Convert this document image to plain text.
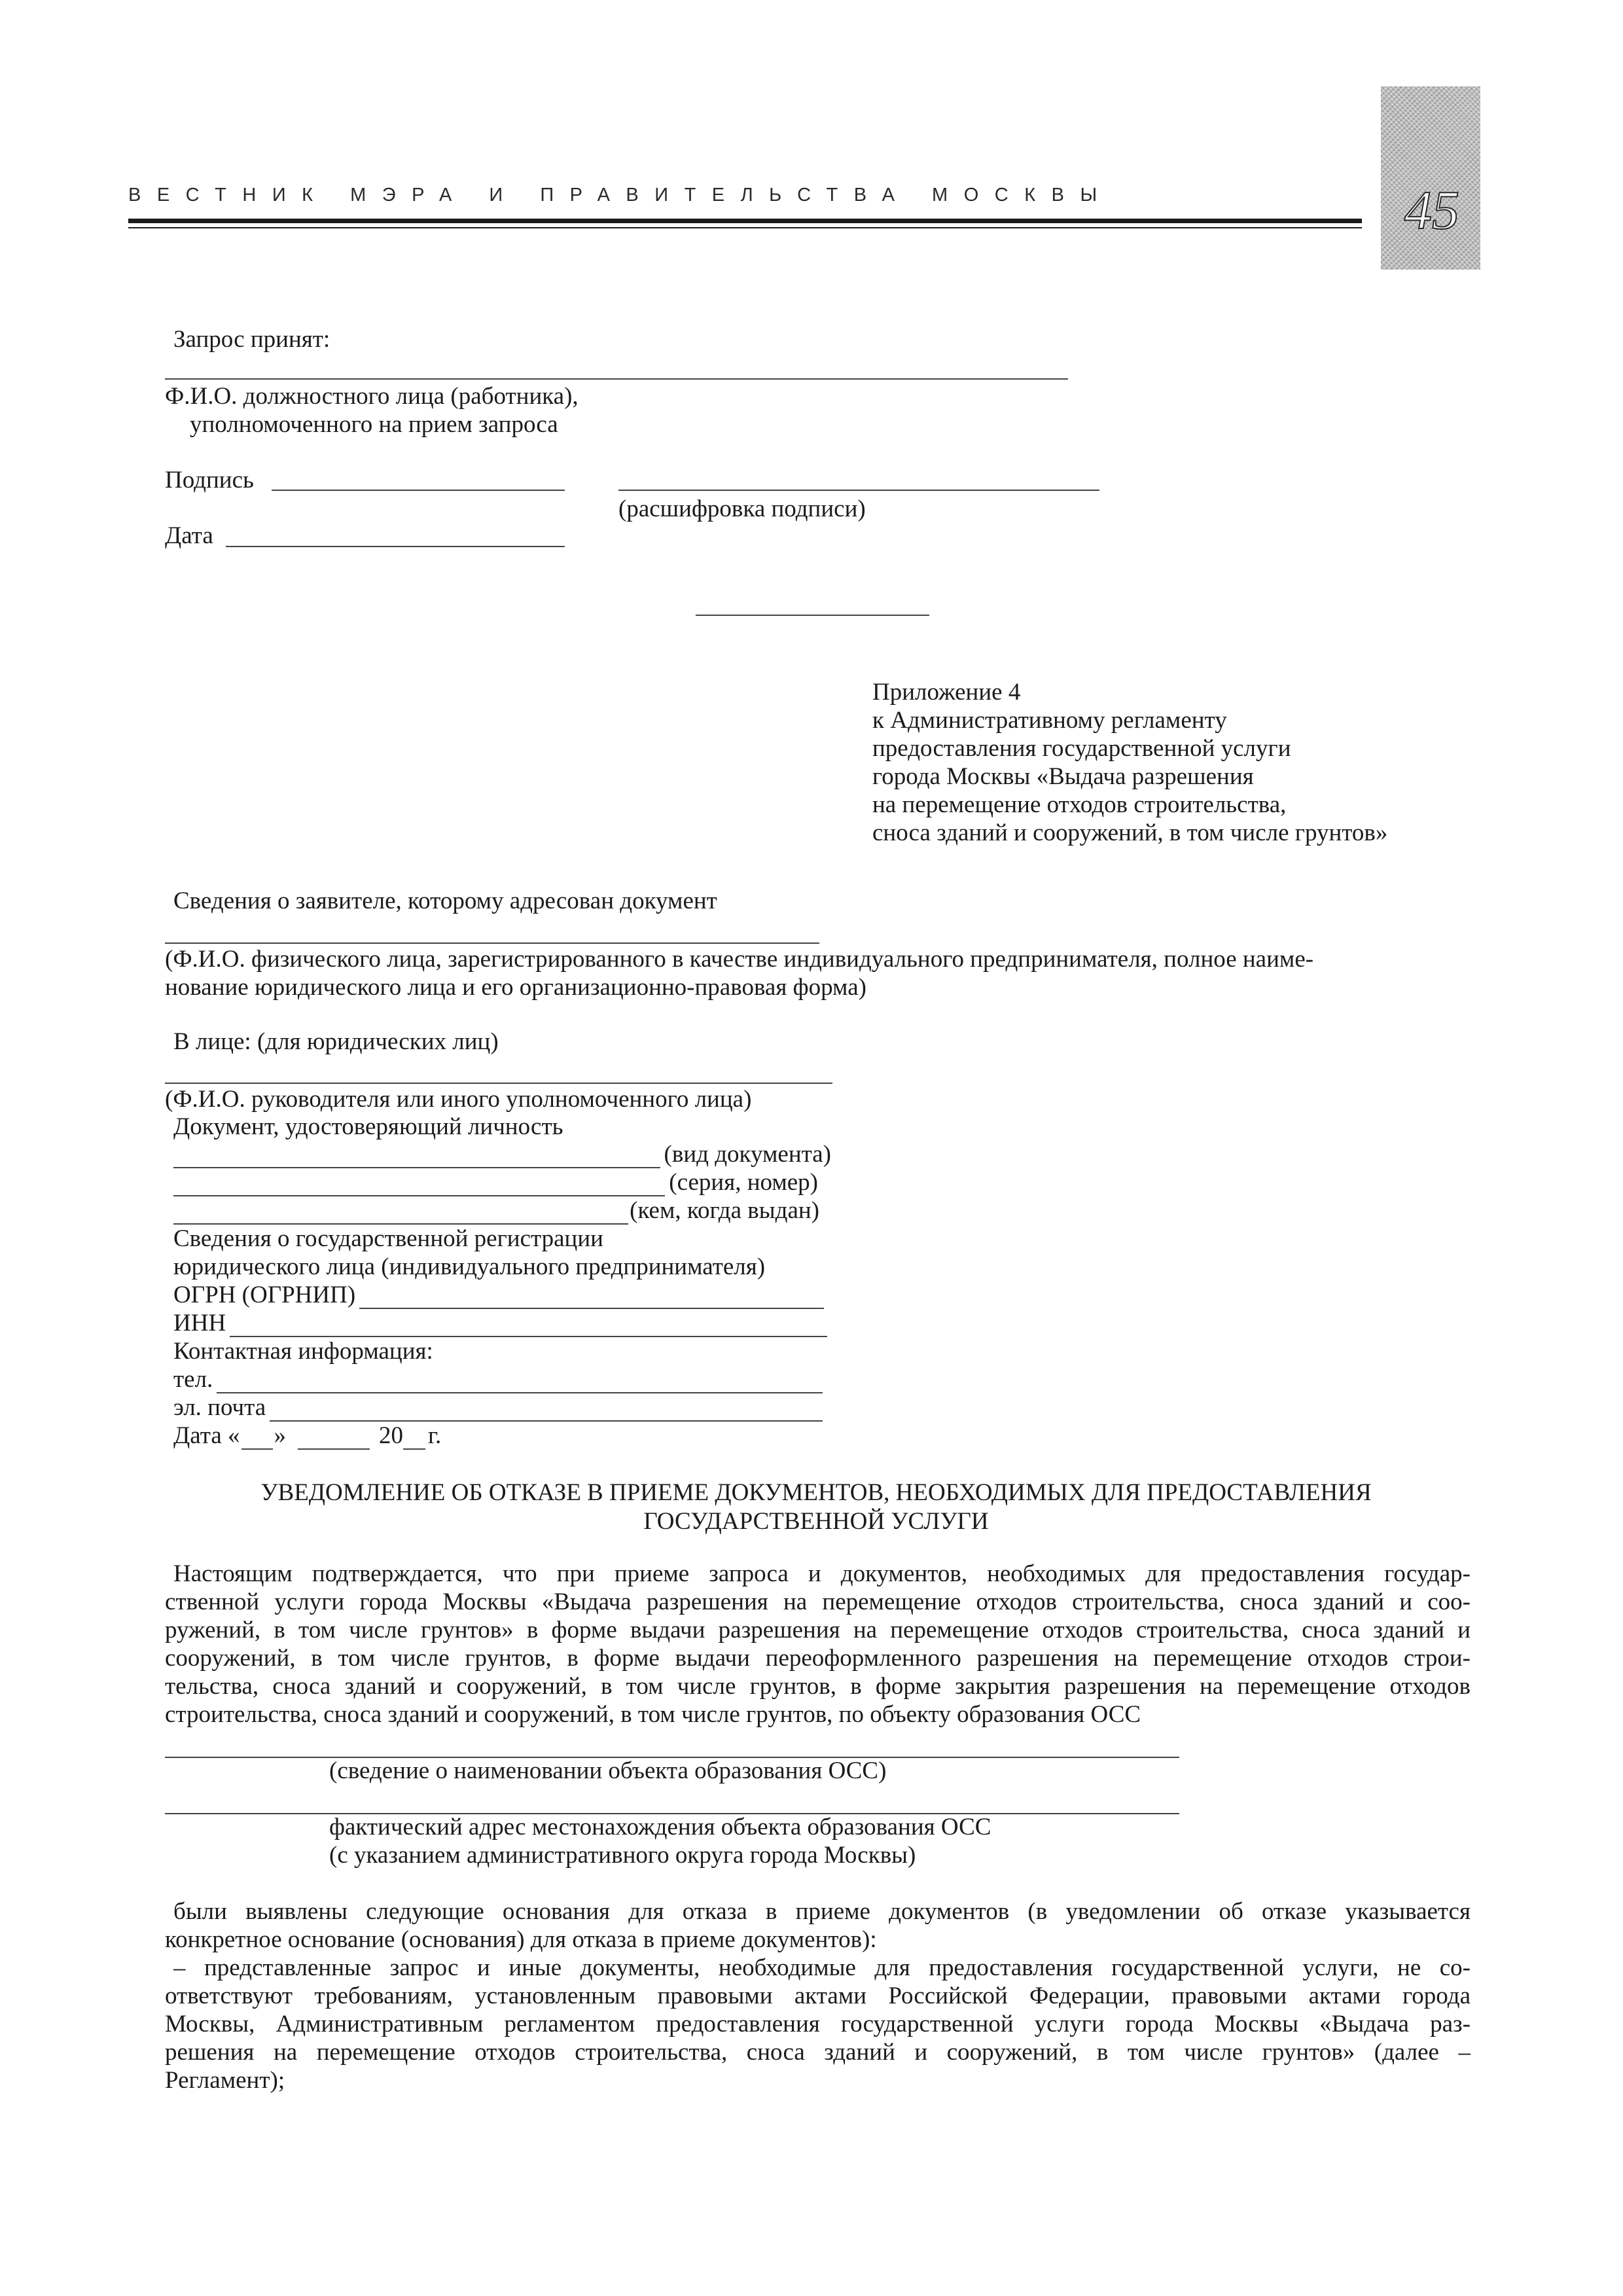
ВЕСТНИК МЭРА И ПРАВИТЕЛЬСТВА МОСКВЫ	45
Запрос принят:
Ф.И.О. должностного лица (работника),
уполномоченного на прием запроса
Подпись
(расшифровка подписи)
Дата
Приложение 4
к Административному регламенту
предоставления государственной услуги
города Москвы «Выдача разрешения
на перемещение отходов строительства,
сноса зданий и сооружений, в том числе грунтов»
Сведения о заявителе, которому адресован документ
(Ф.И.О. физического лица, зарегистрированного в качестве индивидуального предпринимателя, полное наиме-
нование юридического лица и его организационно-правовая форма)
В лице: (для юридических лиц)
(Ф.И.О. руководителя или иного уполномоченного лица)
Документ, удостоверяющий личность
(вид документа)
(серия, номер)
(кем, когда выдан)
Сведения о государственной регистрации
юридического лица (индивидуального предпринимателя)
ОГРН (ОГРНИП)
ИНН
Контактная информация:
тел.
эл. почта
Дата « »	20 г.
УВЕДОМЛЕНИЕ ОБ ОТКАЗЕ В ПРИЕМЕ ДОКУМЕНТОВ, НЕОБХОДИМЫХ ДЛЯ ПРЕДОСТАВЛЕНИЯ
ГОСУДАРСТВЕННОЙ УСЛУГИ
Настоящим подтверждается, что при приеме запроса и документов, необходимых для предоставления государ-
ственной услуги города Москвы «Выдача разрешения на перемещение отходов строительства, сноса зданий и соо-
ружений, в том числе грунтов» в форме выдачи разрешения на перемещение отходов строительства, сноса зданий и
сооружений, в том числе грунтов, в форме выдачи переоформленного разрешения на перемещение отходов строи-
тельства, сноса зданий и сооружений, в том числе грунтов, в форме закрытия разрешения на перемещение отходов
строительства, сноса зданий и сооружений, в том числе грунтов, по объекту образования ОСС
(сведение о наименовании объекта образования ОСС)
фактический адрес местонахождения объекта образования ОСС
(с указанием административного округа города Москвы)
были выявлены следующие основания для отказа в приеме документов (в уведомлении об отказе указывается
конкретное основание (основания) для отказа в приеме документов):
– представленные запрос и иные документы, необходимые для предоставления государственной услуги, не со-
ответствуют требованиям, установленным правовыми актами Российской Федерации, правовыми актами города
Москвы, Административным регламентом предоставления государственной услуги города Москвы «Выдача раз-
решения на перемещение отходов строительства, сноса зданий и сооружений, в том числе грунтов» (далее –
Регламент);
